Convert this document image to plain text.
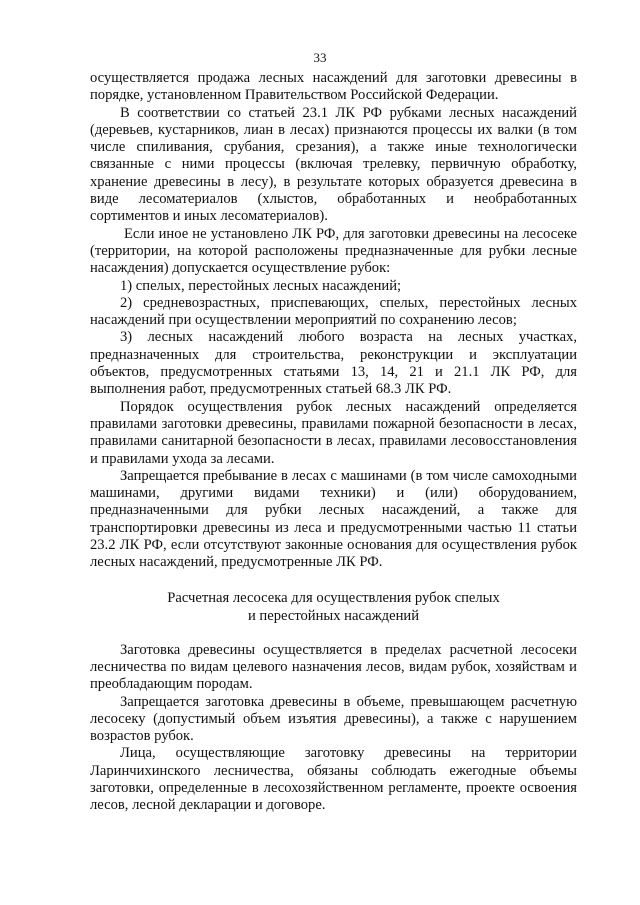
33

осуществляется продажа лесных насаждений для заготовки древесины в порядке, установленном Правительством Российской Федерации.

В соответствии со статьей 23.1 ЛК РФ рубками лесных насаждений (деревьев, кустарников, лиан в лесах) признаются процессы их валки (в том числе спиливания, срубания, срезания), а также иные технологически связанные с ними процессы (включая трелевку, первичную обработку, хранение древесины в лесу), в результате которых образуется древесина в виде лесоматериалов (хлыстов, обработанных и необработанных сортиментов и иных лесоматериалов).

Если иное не установлено ЛК РФ, для заготовки древесины на лесосеке (территории, на которой расположены предназначенные для рубки лесные насаждения) допускается осуществление рубок:

1) спелых, перестойных лесных насаждений;

2) средневозрастных, приспевающих, спелых, перестойных лесных насаждений при осуществлении мероприятий по сохранению лесов;

3) лесных насаждений любого возраста на лесных участках, предназначенных для строительства, реконструкции и эксплуатации объектов, предусмотренных статьями 13, 14, 21 и 21.1 ЛК РФ, для выполнения работ, предусмотренных статьей 68.3 ЛК РФ.

Порядок осуществления рубок лесных насаждений определяется правилами заготовки древесины, правилами пожарной безопасности в лесах, правилами санитарной безопасности в лесах, правилами лесовосстановления и правилами ухода за лесами.

Запрещается пребывание в лесах с машинами (в том числе самоходными машинами, другими видами техники) и (или) оборудованием, предназначенными для рубки лесных насаждений, а также для транспортировки древесины из леса и предусмотренными частью 11 статьи 23.2 ЛК РФ, если отсутствуют законные основания для осуществления рубок лесных насаждений, предусмотренные ЛК РФ.

Расчетная лесосека для осуществления рубок спелых
и перестойных насаждений

Заготовка древесины осуществляется в пределах расчетной лесосеки лесничества по видам целевого назначения лесов, видам рубок, хозяйствам и преобладающим породам.

Запрещается заготовка древесины в объеме, превышающем расчетную лесосеку (допустимый объем изъятия древесины), а также с нарушением возрастов рубок.

Лица, осуществляющие заготовку древесины на территории Ларинчихинского лесничества, обязаны соблюдать ежегодные объемы заготовки, определенные в лесохозяйственном регламенте, проекте освоения лесов, лесной декларации и договоре.
